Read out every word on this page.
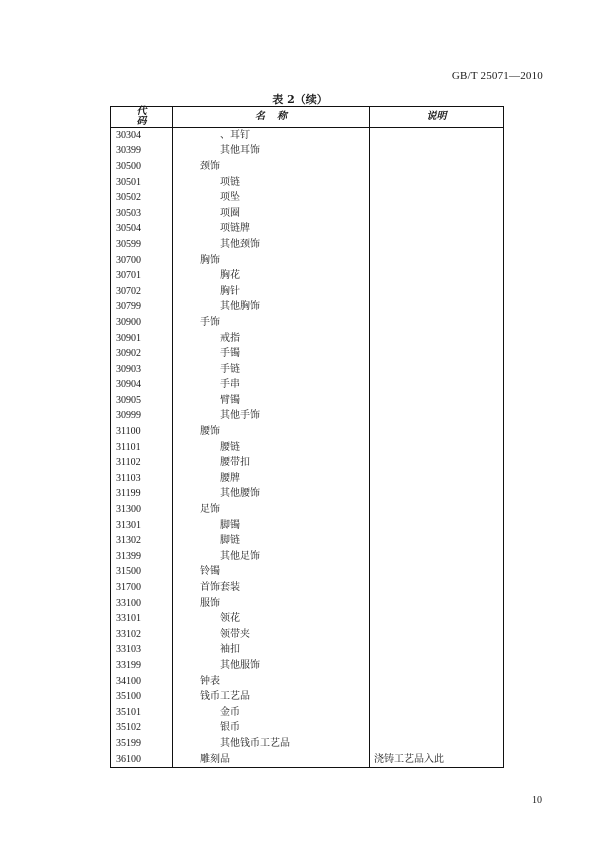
GB/T 25071—2010
表 2（续）
代码	名称	说明
30304	、耳钉	
30399	其他耳饰	
30500	颈饰	
30501	项链	
30502	项坠	
30503	项圈	
30504	项链牌	
30599	其他颈饰	
30700	胸饰	
30701	胸花	
30702	胸针	
30799	其他胸饰	
30900	手饰	
30901	戒指	
30902	手镯	
30903	手链	
30904	手串	
30905	臂镯	
30999	其他手饰	
31100	腰饰	
31101	腰链	
31102	腰带扣	
31103	腰牌	
31199	其他腰饰	
31300	足饰	
31301	脚镯	
31302	脚链	
31399	其他足饰	
31500	铃镯	
31700	首饰套装	
33100	服饰	
33101	领花	
33102	领带夹	
33103	袖扣	
33199	其他服饰	
34100	钟表	
35100	钱币工艺品	
35101	金币	
35102	银币	
35199	其他钱币工艺品	
36100	雕刻品	浇铸工艺品入此
10
